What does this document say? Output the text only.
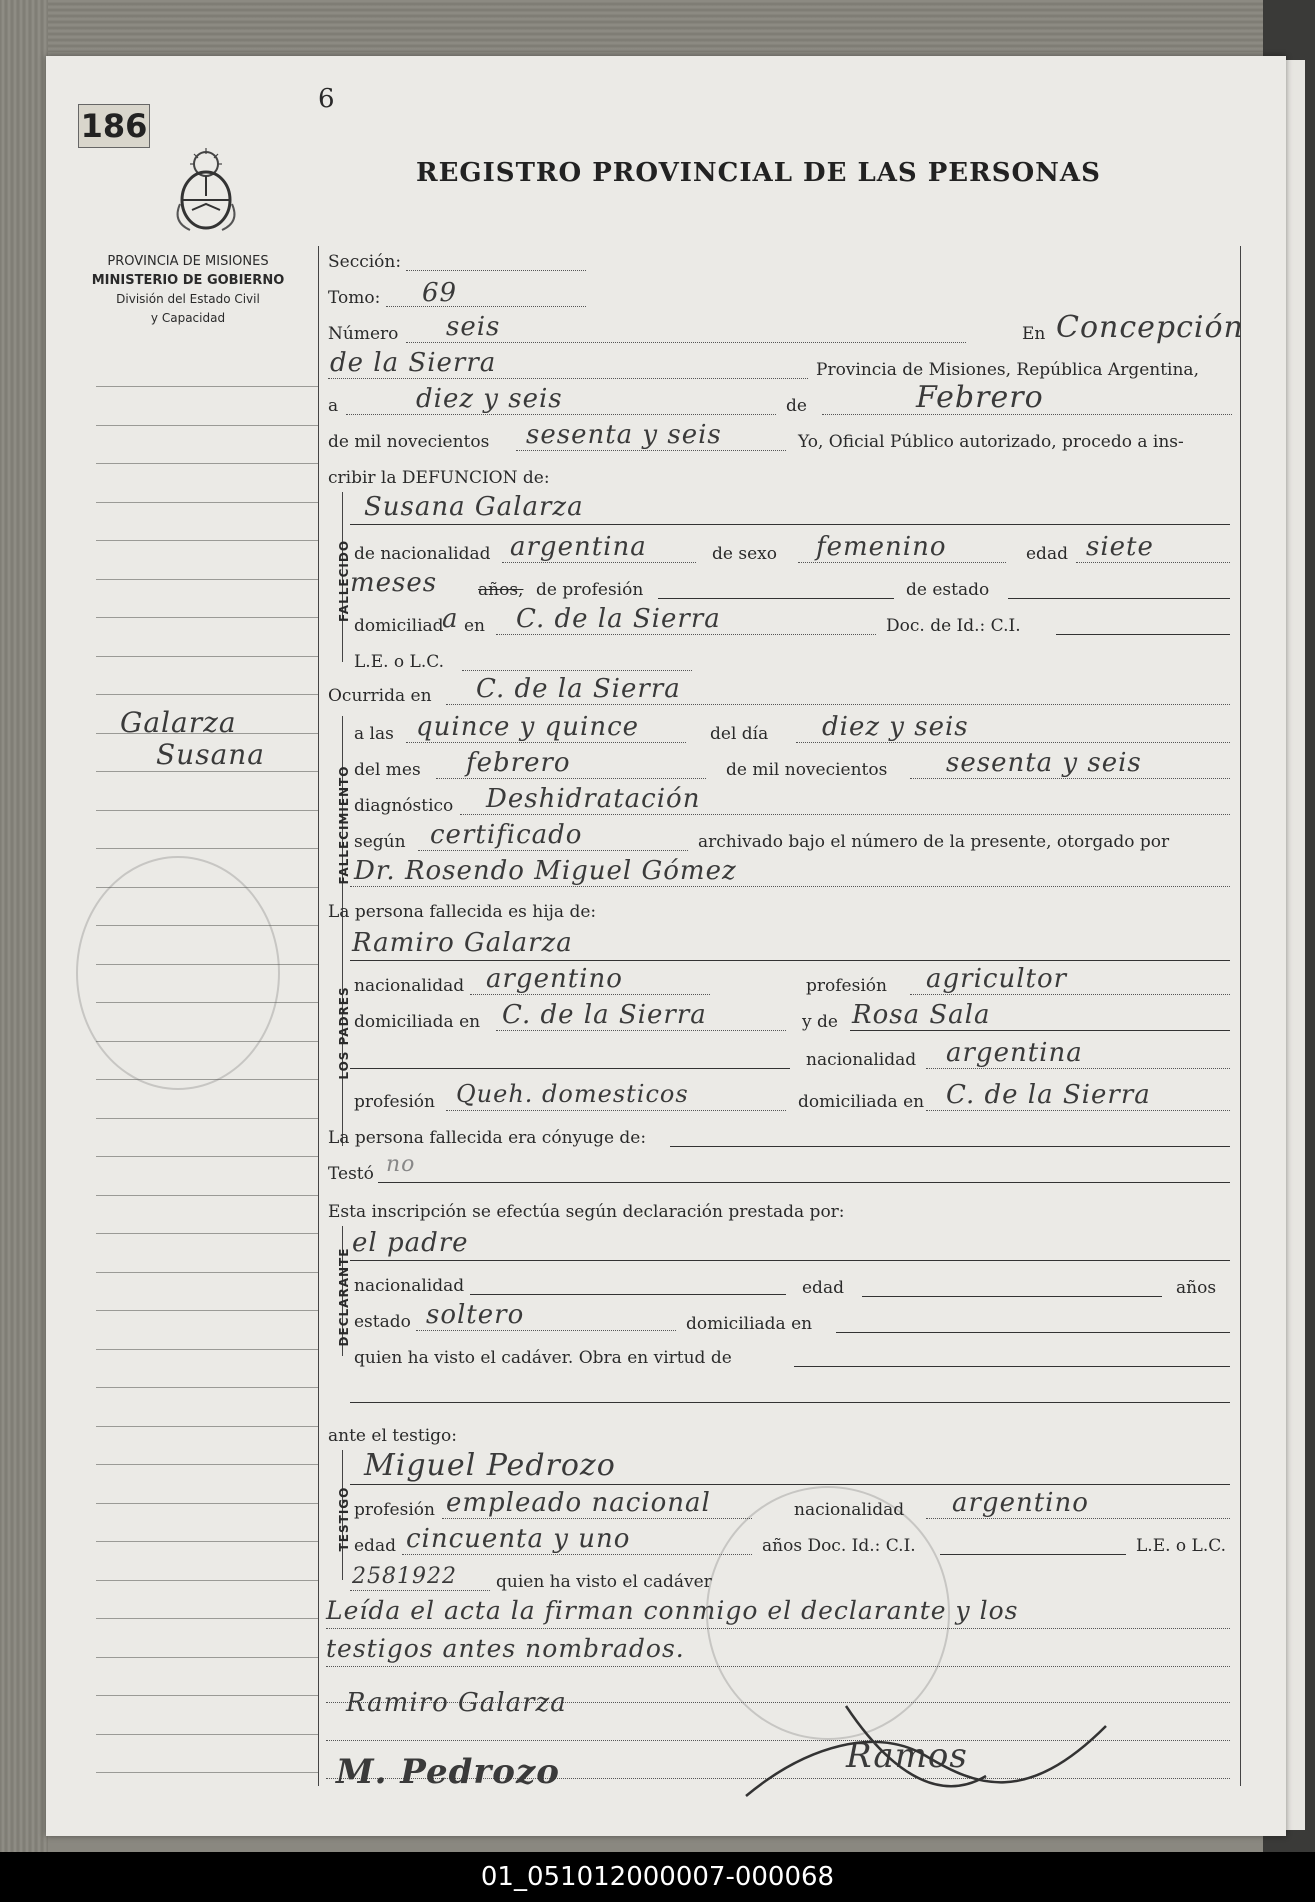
186
6
PROVINCIA DE MISIONES
MINISTERIO DE GOBIERNO
División del Estado Civil
y Capacidad
REGISTRO PROVINCIAL DE LAS PERSONAS
Galarza
Susana
Sección:
Tomo: 69
Número seis	En Concepción
de la Sierra	Provincia de Misiones, República Argentina,
a	diez y seis	de	Febrero
de mil novecientos sesenta y seis	Yo, Oficial Público autorizado, procedo a ins-
cribir la DEFUNCION de:
FALLECIDO
Susana Galarza
de nacionalidad argentina	de sexo femenino	edad siete
meses años, de profesión	de estado
domiciliad
a en C. de la Sierra	Doc. de Id.: C.I.
L.E. o L.C.
Ocurrida en C. de la Sierra
FALLECIMIENTO
a las quince y quince	del día diez y seis
del mes febrero	de mil novecientos sesenta y seis
diagnóstico Deshidratación
según certificado	archivado bajo el número de la presente, otorgado por
Dr. Rosendo Miguel Gómez
La persona fallecida es hija de:
LOS PADRES
Ramiro Galarza
nacionalidad argentino	profesión agricultor
domiciliada en C. de la Sierra	y de Rosa Sala
nacionalidad argentina
profesión Queh. domesticos	domiciliada en C. de la Sierra
La persona fallecida era cónyuge de:
Testó no
Esta inscripción se efectúa según declaración prestada por:
DECLARANTE
el padre
nacionalidad	edad	años
estado soltero	domiciliada en
quien ha visto el cadáver. Obra en virtud de
ante el testigo:
TESTIGO
Miguel Pedrozo
profesión empleado nacional	nacionalidad argentino
edad cincuenta y uno	años Doc. Id.: C.I.	L.E. o L.C.
2581922 quien ha visto el cadáver
Leída el acta la firman conmigo el declarante y los
testigos antes nombrados.
Ramiro Galarza
M. Pedrozo	Ramos
01_051012000007-000068
